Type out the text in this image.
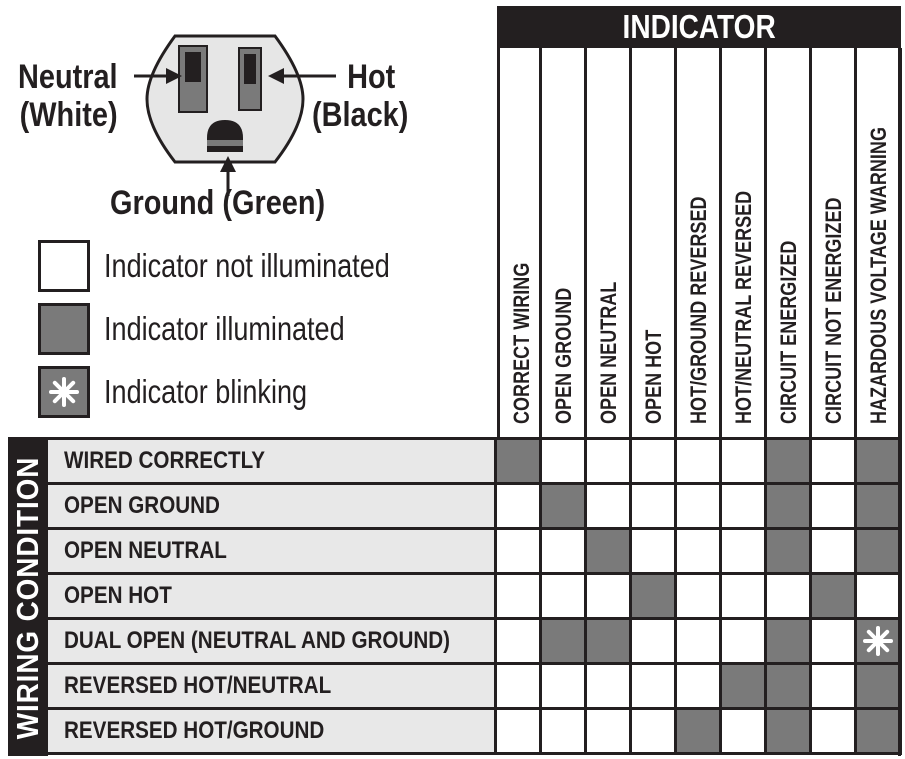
Neutral
(White)
Hot
(Black)
Ground (Green)
Indicator not illuminated
Indicator illuminated
Indicator blinking
INDICATOR
CORRECT WIRING OPEN GROUND OPEN NEUTRAL OPEN HOT HOT/GROUND REVERSED HOT/NEUTRAL REVERSED CIRCUIT ENERGIZED CIRCUIT NOT ENERGIZED HAZARDOUS VOLTAGE WARNING
WIRING CONDITION WIRED CORRECTLY
OPEN GROUND
OPEN NEUTRAL
OPEN HOT
DUAL OPEN (NEUTRAL AND GROUND)
REVERSED HOT/NEUTRAL
REVERSED HOT/GROUND
